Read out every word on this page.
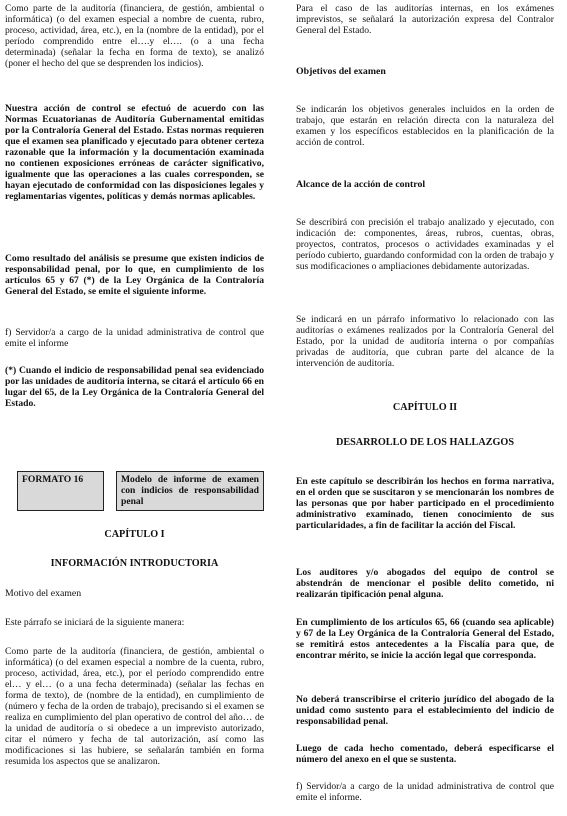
Como parte de la auditoría (financiera, de gestión, ambiental o informática) (o del examen especial a nombre de cuenta, rubro, proceso, actividad, área, etc.), en la (nombre de la entidad), por el período comprendido entre el….y el…. (o a una fecha determinada) (señalar la fecha en forma de texto), se analizó (poner el hecho del que se desprenden los indicios).

Nuestra acción de control se efectuó de acuerdo con las Normas Ecuatorianas de Auditoría Gubernamental emitidas por la Contraloría General del Estado. Estas normas requieren que el examen sea planificado y ejecutado para obtener certeza razonable que la información y la documentación examinada no contienen exposiciones erróneas de carácter significativo, igualmente que las operaciones a las cuales corresponden, se hayan ejecutado de conformidad con las disposiciones legales y reglamentarias vigentes, políticas y demás normas aplicables.

Como resultado del análisis se presume que existen indicios de responsabilidad penal, por lo que, en cumplimiento de los artículos 65 y 67 (*) de la Ley Orgánica de la Contraloría General del Estado, se emite el siguiente informe.

f) Servidor/a a cargo de la unidad administrativa de control que emite el informe

(*) Cuando el indicio de responsabilidad penal sea evidenciado por las unidades de auditoría interna, se citará el artículo 66 en lugar del 65, de la Ley Orgánica de la Contraloría General del Estado.

FORMATO 16	Modelo de informe de examen con indicios de responsabilidad penal
CAPÍTULO I
INFORMACIÓN INTRODUCTORIA
Motivo del examen

Este párrafo se iniciará de la siguiente manera:

Como parte de la auditoría (financiera, de gestión, ambiental o informática) (o del examen especial a nombre de la cuenta, rubro, proceso, actividad, área, etc.), por el período comprendido entre el… y el… (o a una fecha determinada) (señalar las fechas en forma de texto), de (nombre de la entidad), en cumplimiento de (número y fecha de la orden de trabajo), precisando si el examen se realiza en cumplimiento del plan operativo de control del año… de la unidad de auditoría o si obedece a un imprevisto autorizado, citar el número y fecha de tal autorización, así como las modificaciones si las hubiere, se señalarán también en forma resumida los aspectos que se analizaron.

Para el caso de las auditorías internas, en los exámenes imprevistos, se señalará la autorización expresa del Contralor General del Estado.

Objetivos del examen

Se indicarán los objetivos generales incluidos en la orden de trabajo, que estarán en relación directa con la naturaleza del examen y los específicos establecidos en la planificación de la acción de control.

Alcance de la acción de control

Se describirá con precisión el trabajo analizado y ejecutado, con indicación de: componentes, áreas, rubros, cuentas, obras, proyectos, contratos, procesos o actividades examinadas y el período cubierto, guardando conformidad con la orden de trabajo y sus modificaciones o ampliaciones debidamente autorizadas.

Se indicará en un párrafo informativo lo relacionado con las auditorías o exámenes realizados por la Contraloría General del Estado, por la unidad de auditoría interna o por compañías privadas de auditoría, que cubran parte del alcance de la intervención de auditoría.

CAPÍTULO II
DESARROLLO DE LOS HALLAZGOS

En este capítulo se describirán los hechos en forma narrativa, en el orden que se suscitaron y se mencionarán los nombres de las personas que por haber participado en el procedimiento administrativo examinado, tienen conocimiento de sus particularidades, a fin de facilitar la acción del Fiscal.

Los auditores y/o abogados del equipo de control se abstendrán de mencionar el posible delito cometido, ni realizarán tipificación penal alguna.

En cumplimiento de los artículos 65, 66 (cuando sea aplicable) y 67 de la Ley Orgánica de la Contraloría General del Estado, se remitirá estos antecedentes a la Fiscalía para que, de encontrar mérito, se inicie la acción legal que corresponda.

No deberá transcribirse el criterio jurídico del abogado de la unidad como sustento para el establecimiento del indicio de responsabilidad penal.

Luego de cada hecho comentado, deberá especificarse el número del anexo en el que se sustenta.

f) Servidor/a a cargo de la unidad administrativa de control que emite el informe.
